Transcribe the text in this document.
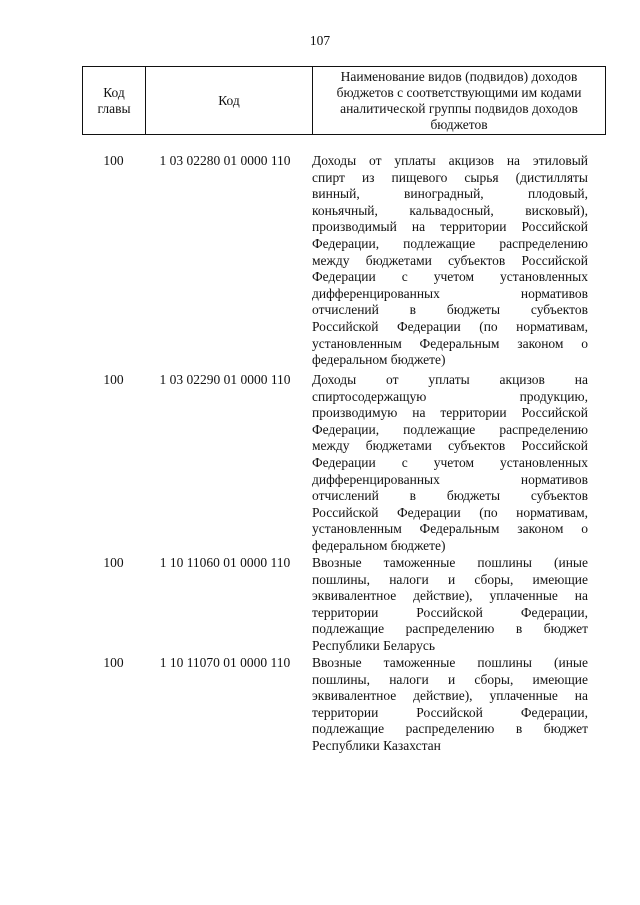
107
Код главы	Код	Наименование видов (подвидов) доходов бюджетов с соответствующими им кодами аналитической группы подвидов доходов бюджетов
100	1 03 02280 01 0000 110	Доходы от уплаты акцизов на этиловый
спирт из пищевого сырья (дистилляты
винный, виноградный, плодовый,
коньячный, кальвадосный, висковый),
производимый на территории Российской
Федерации, подлежащие распределению
между бюджетами субъектов Российской
Федерации с учетом установленных
дифференцированных нормативов
отчислений в бюджеты субъектов
Российской Федерации (по нормативам,
установленным Федеральным законом о
федеральном бюджете)
100	1 03 02290 01 0000 110	Доходы от уплаты акцизов на
спиртосодержащую продукцию,
производимую на территории Российской
Федерации, подлежащие распределению
между бюджетами субъектов Российской
Федерации с учетом установленных
дифференцированных нормативов
отчислений в бюджеты субъектов
Российской Федерации (по нормативам,
установленным Федеральным законом о
федеральном бюджете)
100	1 10 11060 01 0000 110	Ввозные таможенные пошлины (иные
пошлины, налоги и сборы, имеющие
эквивалентное действие), уплаченные на
территории Российской Федерации,
подлежащие распределению в бюджет
Республики Беларусь
100	1 10 11070 01 0000 110	Ввозные таможенные пошлины (иные
пошлины, налоги и сборы, имеющие
эквивалентное действие), уплаченные на
территории Российской Федерации,
подлежащие распределению в бюджет
Республики Казахстан
